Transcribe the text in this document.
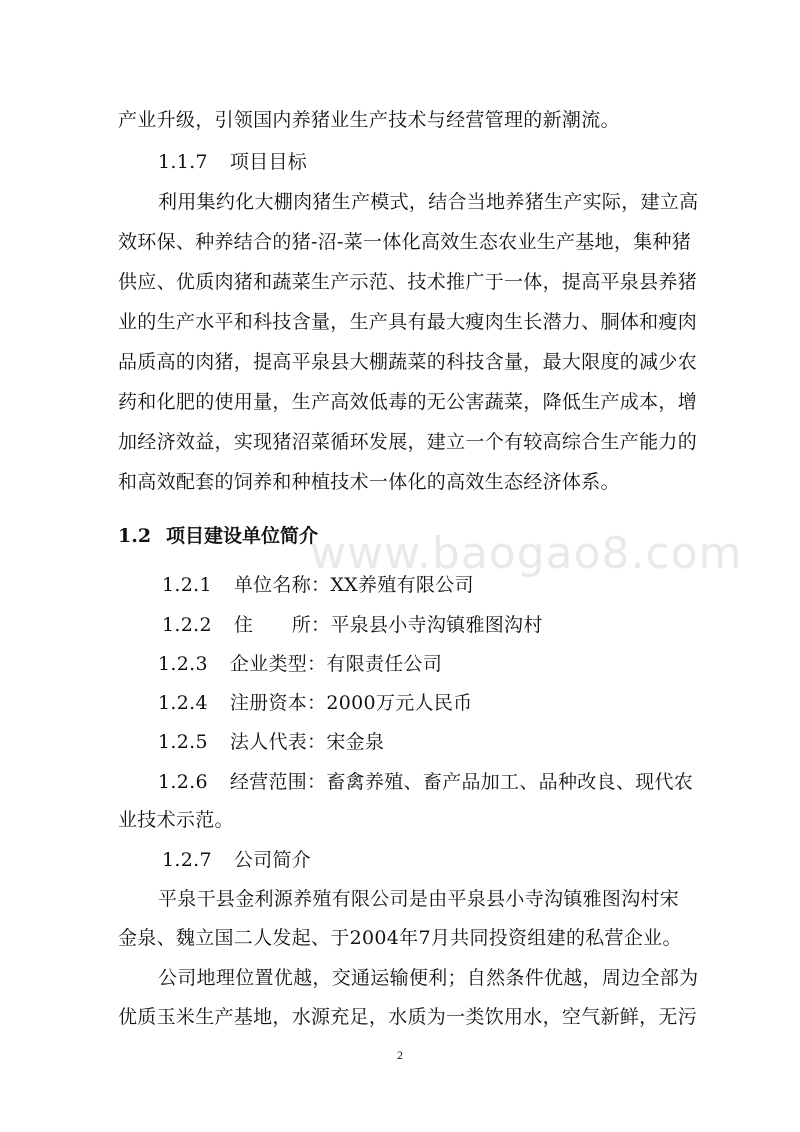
www.baogao8.com
产业升级，引领国内养猪业生产技术与经营管理的新潮流。
1.1.7 项目目标
利用集约化大棚肉猪生产模式，结合当地养猪生产实际，建立高
效环保、种养结合的猪-沼-菜一体化高效生态农业生产基地，集种猪
供应、优质肉猪和蔬菜生产示范、技术推广于一体，提高平泉县养猪
业的生产水平和科技含量，生产具有最大瘦肉生长潜力、胴体和瘦肉
品质高的肉猪，提高平泉县大棚蔬菜的科技含量，最大限度的减少农
药和化肥的使用量，生产高效低毒的无公害蔬菜，降低生产成本，增
加经济效益，实现猪沼菜循环发展，建立一个有较高综合生产能力的
和高效配套的饲养和种植技术一体化的高效生态经济体系。
1.2 项目建设单位简介
1.2.1 单位名称：XX养殖有限公司
1.2.2 住　　所：平泉县小寺沟镇雅图沟村
1.2.3 企业类型：有限责任公司
1.2.4 注册资本：2000万元人民币
1.2.5 法人代表：宋金泉
1.2.6 经营范围：畜禽养殖、畜产品加工、品种改良、现代农
业技术示范。
1.2.7 公司简介
平泉干县金利源养殖有限公司是由平泉县小寺沟镇雅图沟村宋
金泉、魏立国二人发起、于2004年7月共同投资组建的私营企业。
公司地理位置优越，交通运输便利；自然条件优越，周边全部为
优质玉米生产基地，水源充足，水质为一类饮用水，空气新鲜，无污
2
